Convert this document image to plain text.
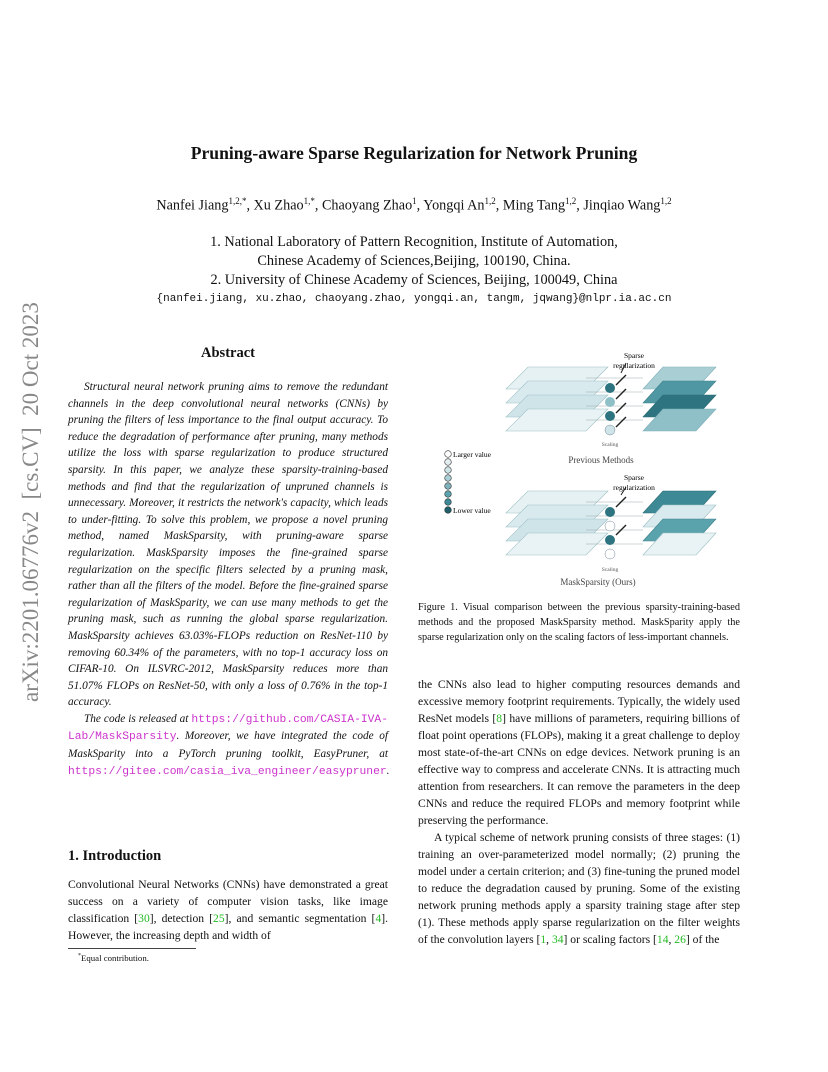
arXiv:2201.06776v2  [cs.CV]  20 Oct 2023
Pruning-aware Sparse Regularization for Network Pruning
Nanfei Jiang$^{1,2,*}$, Xu Zhao$^{1,*}$, Chaoyang Zhao$^1$, Yongqi An$^{1,2}$, Ming Tang$^{1,2}$, Jinqiao Wang$^{1,2}$
1. National Laboratory of Pattern Recognition, Institute of Automation,
Chinese Academy of Sciences,Beijing, 100190, China.
2. University of Chinese Academy of Sciences, Beijing, 100049, China
{nanfei.jiang, xu.zhao, chaoyang.zhao, yongqi.an, tangm, jqwang}@nlpr.ia.ac.cn
Abstract

Structural neural network pruning aims to remove the redundant channels in the deep convolutional neural networks (CNNs) by pruning the filters of less importance to the final output accuracy. To reduce the degradation of performance after pruning, many methods utilize the loss with sparse regularization to produce structured sparsity. In this paper, we analyze these sparsity-training-based methods and find that the regularization of unpruned channels is unnecessary. Moreover, it restricts the network's capacity, which leads to under-fitting. To solve this problem, we propose a novel pruning method, named MaskSparsity, with pruning-aware sparse regularization. MaskSparsity imposes the fine-grained sparse regularization on the specific filters selected by a pruning mask, rather than all the filters of the model. Before the fine-grained sparse regularization of MaskSparity, we can use many methods to get the pruning mask, such as running the global sparse regularization. MaskSparsity achieves 63.03%-FLOPs reduction on ResNet-110 by removing 60.34% of the parameters, with no top-1 accuracy loss on CIFAR-10. On ILSVRC-2012, MaskSparsity reduces more than 51.07% FLOPs on ResNet-50, with only a loss of 0.76% in the top-1 accuracy.

The code is released at https://github.com/CASIA-IVA-Lab/MaskSparsity. Moreover, we have integrated the code of MaskSparity into a PyTorch pruning toolkit, EasyPruner, at https://gitee.com/casia_iva_engineer/easypruner.

1. Introduction
Convolutional Neural Networks (CNNs) have demonstrated a great success on a variety of computer vision tasks, like image classification [30], detection [25], and semantic segmentation [4]. However, the increasing depth and width of
*Equal contribution.
Sparse
regularization
Scaling
Previous Methods
Larger value
Lower value
Sparse
regularization
Scaling
MaskSparsity (Ours)
Figure 1. Visual comparison between the previous sparsity-training-based methods and the proposed MaskSparsity method. MaskSparity apply the sparse regularization only on the scaling factors of less-important channels.

the CNNs also lead to higher computing resources demands and excessive memory footprint requirements. Typically, the widely used ResNet models [8] have millions of parameters, requiring billions of float point operations (FLOPs), making it a great challenge to deploy most state-of-the-art CNNs on edge devices. Network pruning is an effective way to compress and accelerate CNNs. It is attracting much attention from researchers. It can remove the parameters in the deep CNNs and reduce the required FLOPs and memory footprint while preserving the performance.

A typical scheme of network pruning consists of three stages: (1) training an over-parameterized model normally; (2) pruning the model under a certain criterion; and (3) fine-tuning the pruned model to reduce the degradation caused by pruning. Some of the existing network pruning methods apply a sparsity training stage after step (1). These methods apply sparse regularization on the filter weights of the convolution layers [1, 34] or scaling factors [14, 26] of the
